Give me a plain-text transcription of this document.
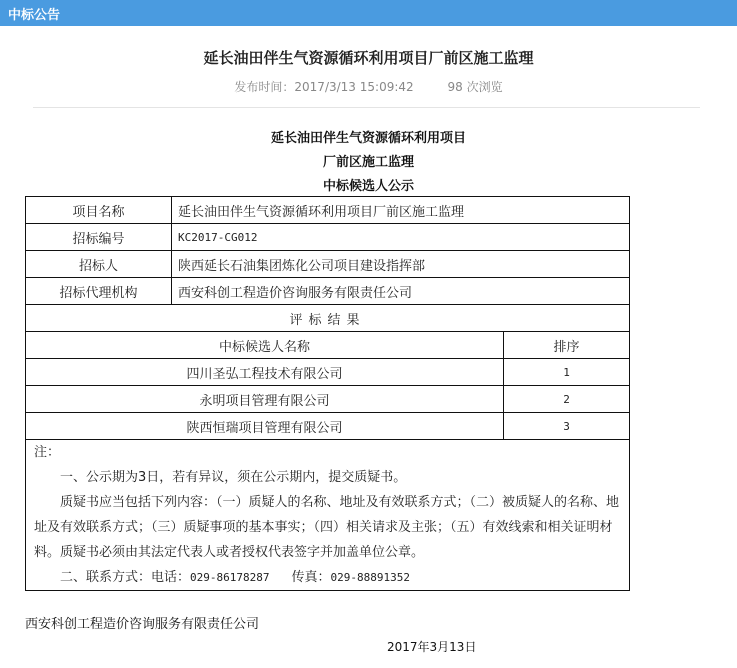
中标公告
延长油田伴生气资源循环利用项目厂前区施工监理
发布时间：2017/3/13 15:09:42	98 次浏览
延长油田伴生气资源循环利用项目
厂前区施工监理
中标候选人公示
项目名称	延长油田伴生气资源循环利用项目厂前区施工监理	
招标编号	KC2017-CG012	
招标人	陕西延长石油集团炼化公司项目建设指挥部	
招标代理机构	西安科创工程造价咨询服务有限责任公司	
评标结果		
中标候选人名称		排序
四川圣弘工程技术有限公司		1
永明项目管理有限公司		2
陕西恒瑞项目管理有限公司		3

注：
一、公示期为3日，若有异议，须在公示期内，提交质疑书。
质疑书应当包括下列内容：（一）质疑人的名称、地址及有效联系方式；（二）被质疑人的名称、地址及有效联系方式；（三）质疑事项的基本事实；（四）相关请求及主张；（五）有效线索和相关证明材料。质疑书必须由其法定代表人或者授权代表签字并加盖单位公章。
二、联系方式：电话：029-86178287 传真：029-88891352		
西安科创工程造价咨询服务有限责任公司
2017年3月13日
